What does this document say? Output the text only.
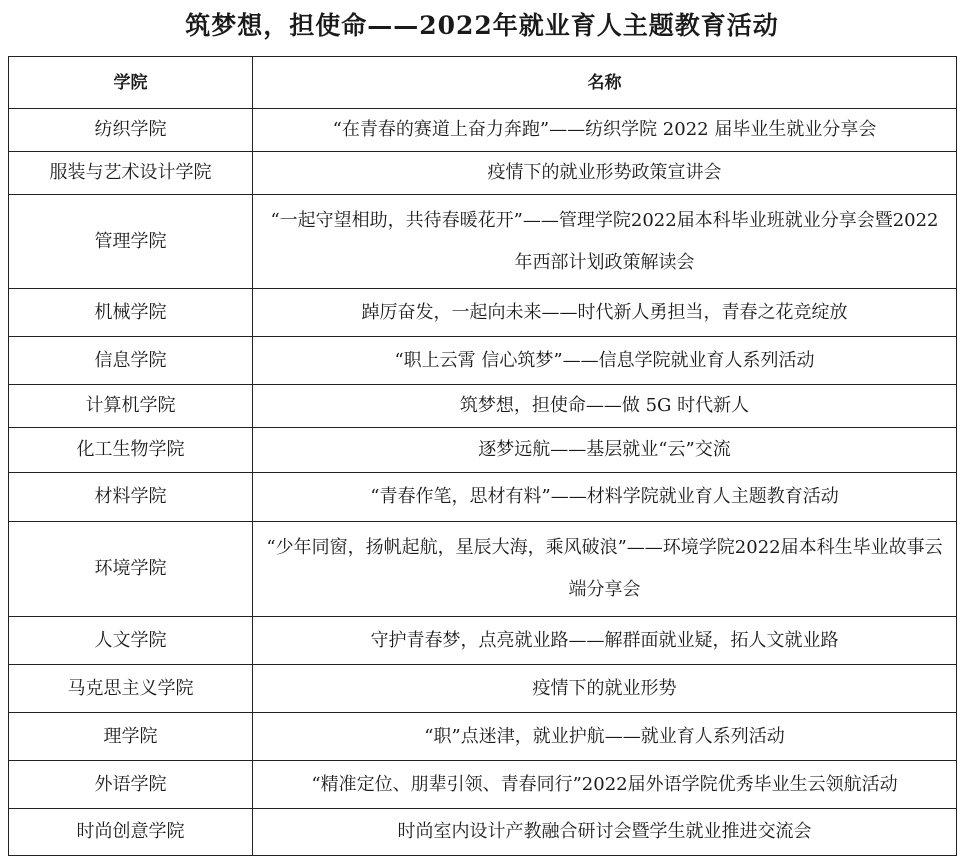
筑梦想，担使命——2022年就业育人主题教育活动
学院	名称
纺织学院	“在青春的赛道上奋力奔跑”——纺织学院 2022 届毕业生就业分享会
服装与艺术设计学院	疫情下的就业形势政策宣讲会
管理学院	“一起守望相助，共待春暖花开”——管理学院2022届本科毕业班就业分享会暨2022年西部计划政策解读会
机械学院	踔厉奋发，一起向未来——时代新人勇担当，青春之花竞绽放
信息学院	“职上云霄 信心筑梦”——信息学院就业育人系列活动
计算机学院	筑梦想，担使命——做 5G 时代新人
化工生物学院	逐梦远航——基层就业“云”交流
材料学院	“青春作笔，思材有料”——材料学院就业育人主题教育活动
环境学院	“少年同窗，扬帆起航，星辰大海，乘风破浪”——环境学院2022届本科生毕业故事云端分享会
人文学院	守护青春梦，点亮就业路——解群面就业疑，拓人文就业路
马克思主义学院	疫情下的就业形势
理学院	“职”点迷津，就业护航——就业育人系列活动
外语学院	“精准定位、朋辈引领、青春同行”2022届外语学院优秀毕业生云领航活动
时尚创意学院	时尚室内设计产教融合研讨会暨学生就业推进交流会
